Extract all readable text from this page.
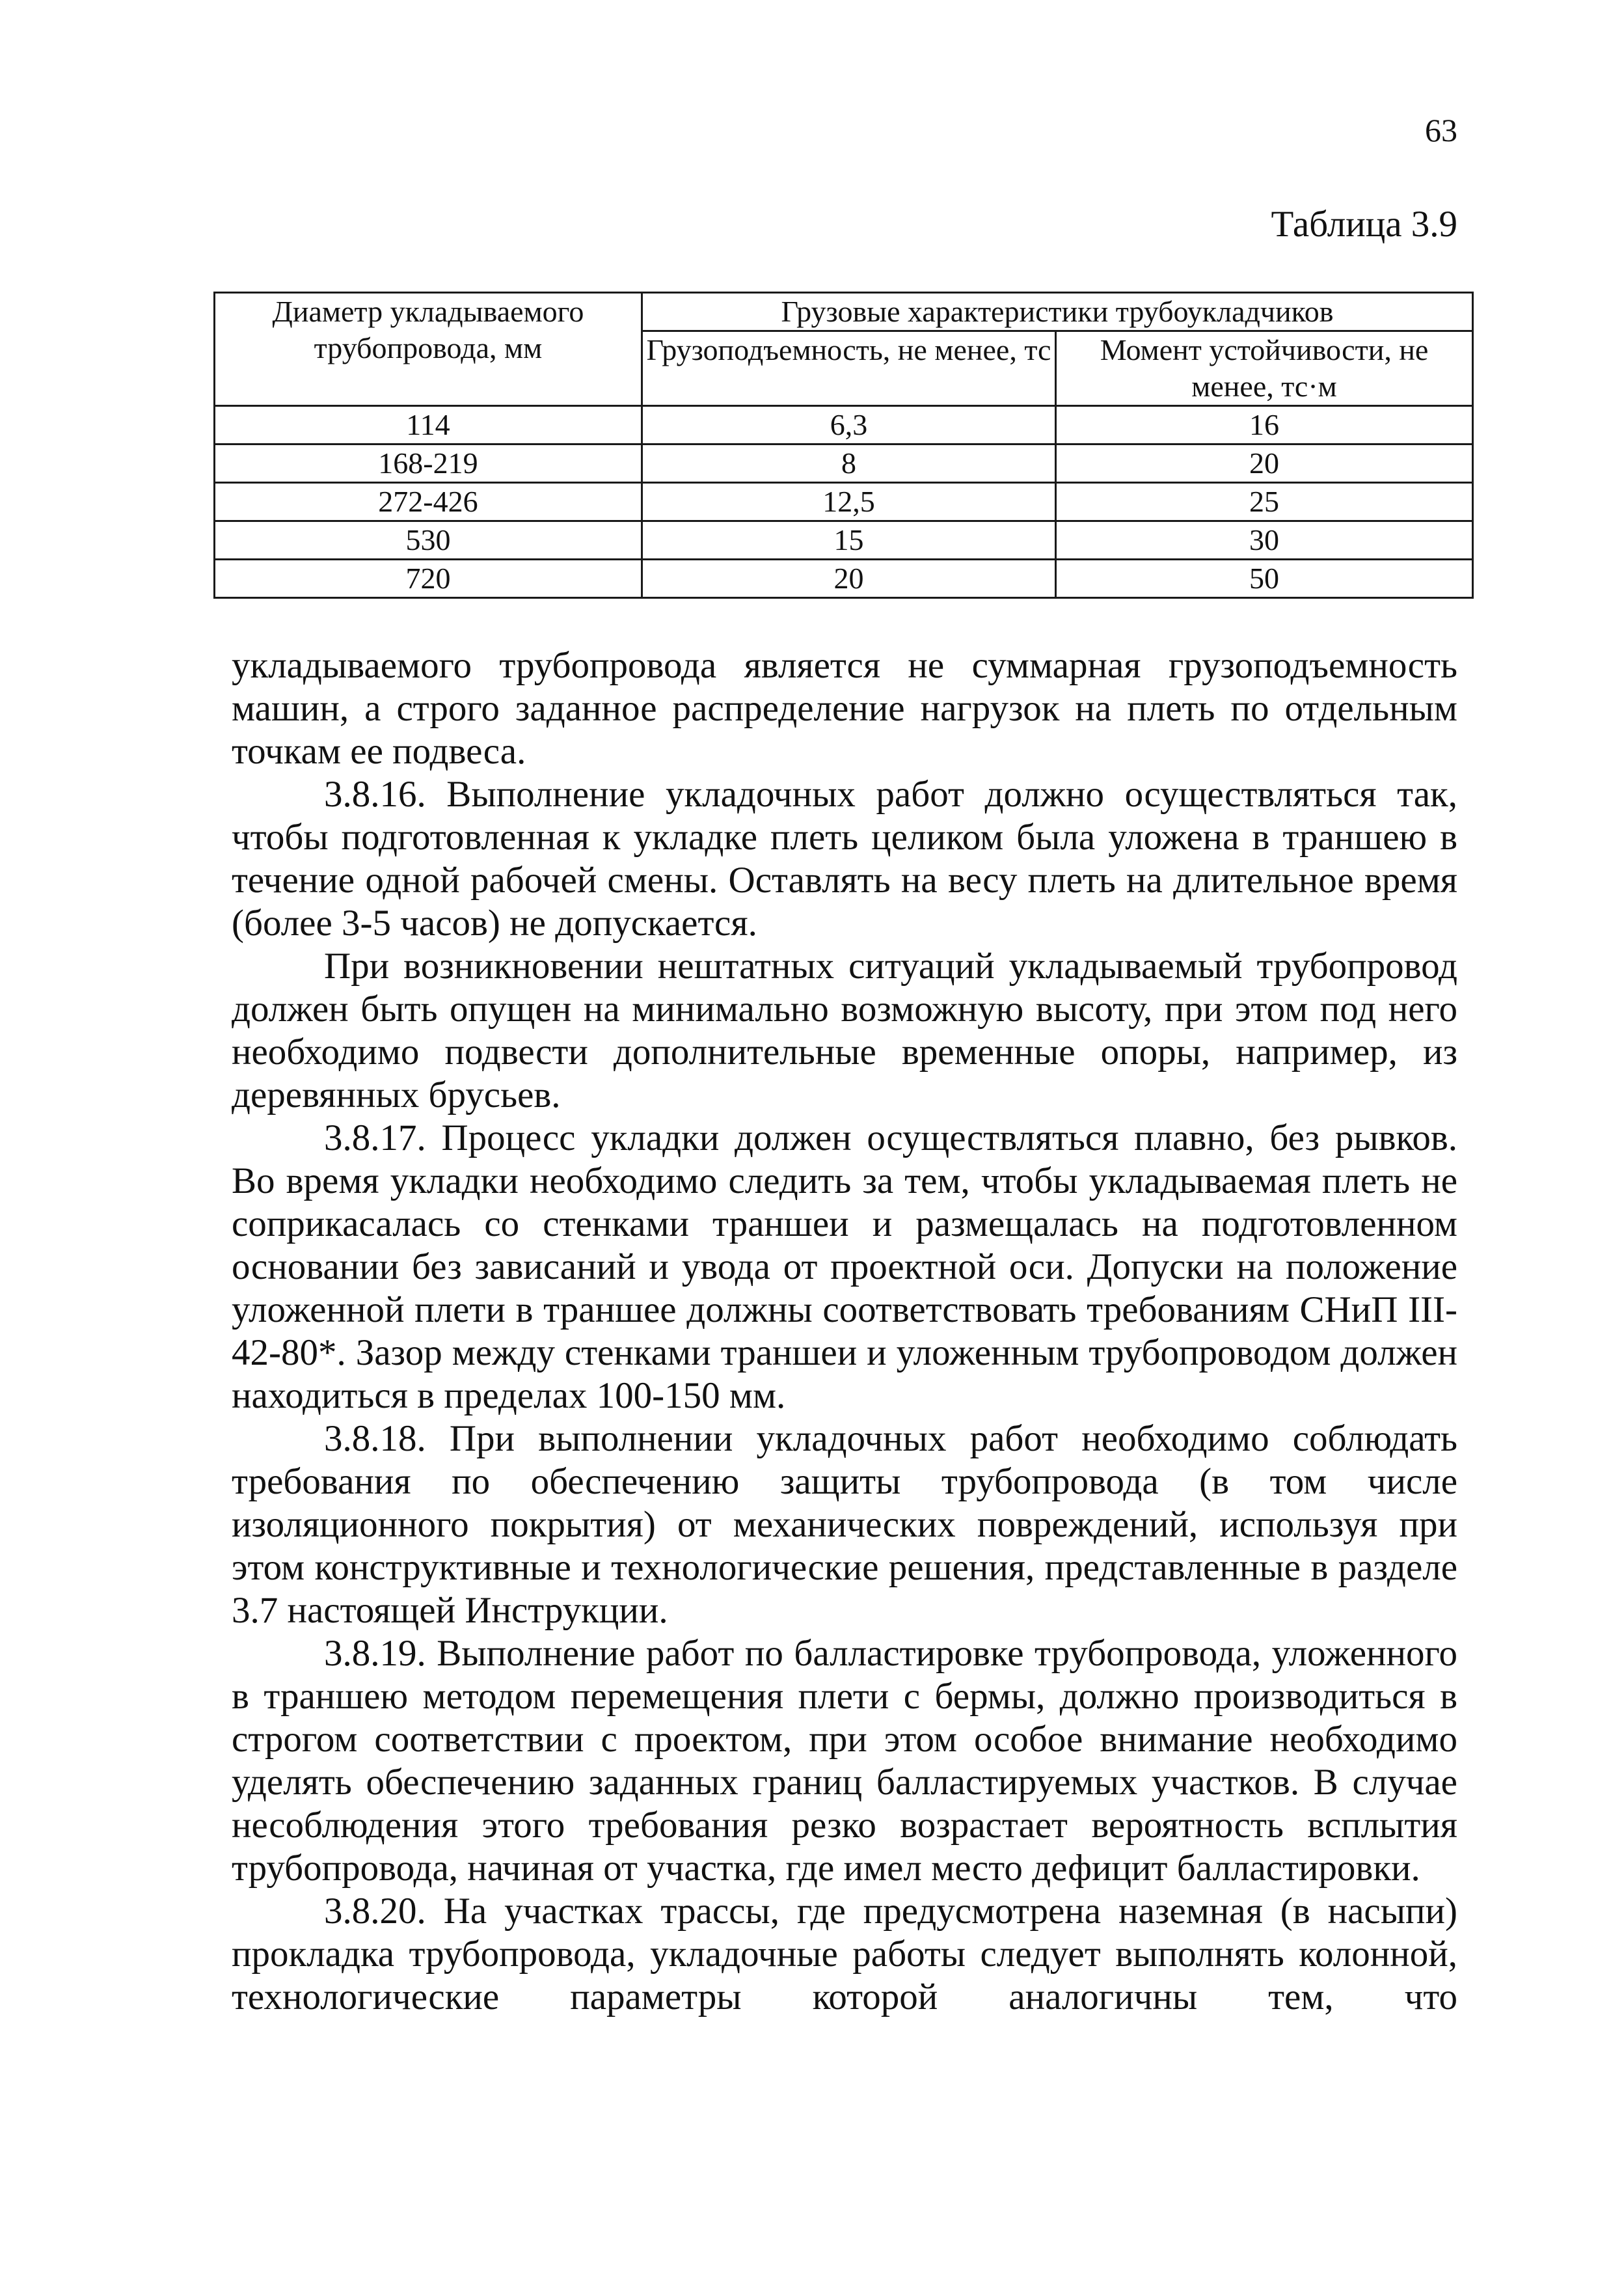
63
Таблица 3.9
Диаметр укладываемого трубопровода, мм	Грузовые характеристики трубоукладчиков	
	Грузоподъемность, не менее, тс	Момент устойчивости, не менее, тс·м
114	6,3	16
168-219	8	20
272-426	12,5	25
530	15	30
720	20	50

укладываемого трубопровода является не суммарная грузоподъемность машин, а строго заданное распределение нагрузок на плеть по отдельным точкам ее подвеса.

3.8.16. Выполнение укладочных работ должно осуществляться так, чтобы подготовленная к укладке плеть целиком была уложена в траншею в течение одной рабочей смены. Оставлять на весу плеть на длительное время (более 3-5 часов) не допускается.

При возникновении нештатных ситуаций укладываемый трубопровод должен быть опущен на минимально возможную высоту, при этом под него необходимо подвести дополнительные временные опоры, например, из деревянных брусьев.

3.8.17. Процесс укладки должен осуществляться плавно, без рывков. Во время укладки необходимо следить за тем, чтобы укладываемая плеть не соприкасалась со стенками траншеи и размещалась на подготовленном основании без зависаний и увода от проектной оси. Допуски на положение уложенной плети в траншее должны соответствовать требованиям СНиП III-42-80*. Зазор между стенками траншеи и уложенным трубопроводом должен находиться в пределах 100-150 мм.

3.8.18. При выполнении укладочных работ необходимо соблюдать требования по обеспечению защиты трубопровода (в том числе изоляционного покрытия) от механических повреждений, используя при этом конструктивные и технологические решения, представленные в разделе 3.7 настоящей Инструкции.

3.8.19. Выполнение работ по балластировке трубопровода, уложенного в траншею методом перемещения плети с бермы, должно производиться в строгом соответствии с проектом, при этом особое внимание необходимо уделять обеспечению заданных границ балластируемых участков. В случае несоблюдения этого требования резко возрастает вероятность всплытия трубопровода, начиная от участка, где имел место дефицит балластировки.

3.8.20. На участках трассы, где предусмотрена наземная (в насыпи) прокладка трубопровода, укладочные работы следует выполнять колонной, технологические параметры которой аналогичны тем, что
